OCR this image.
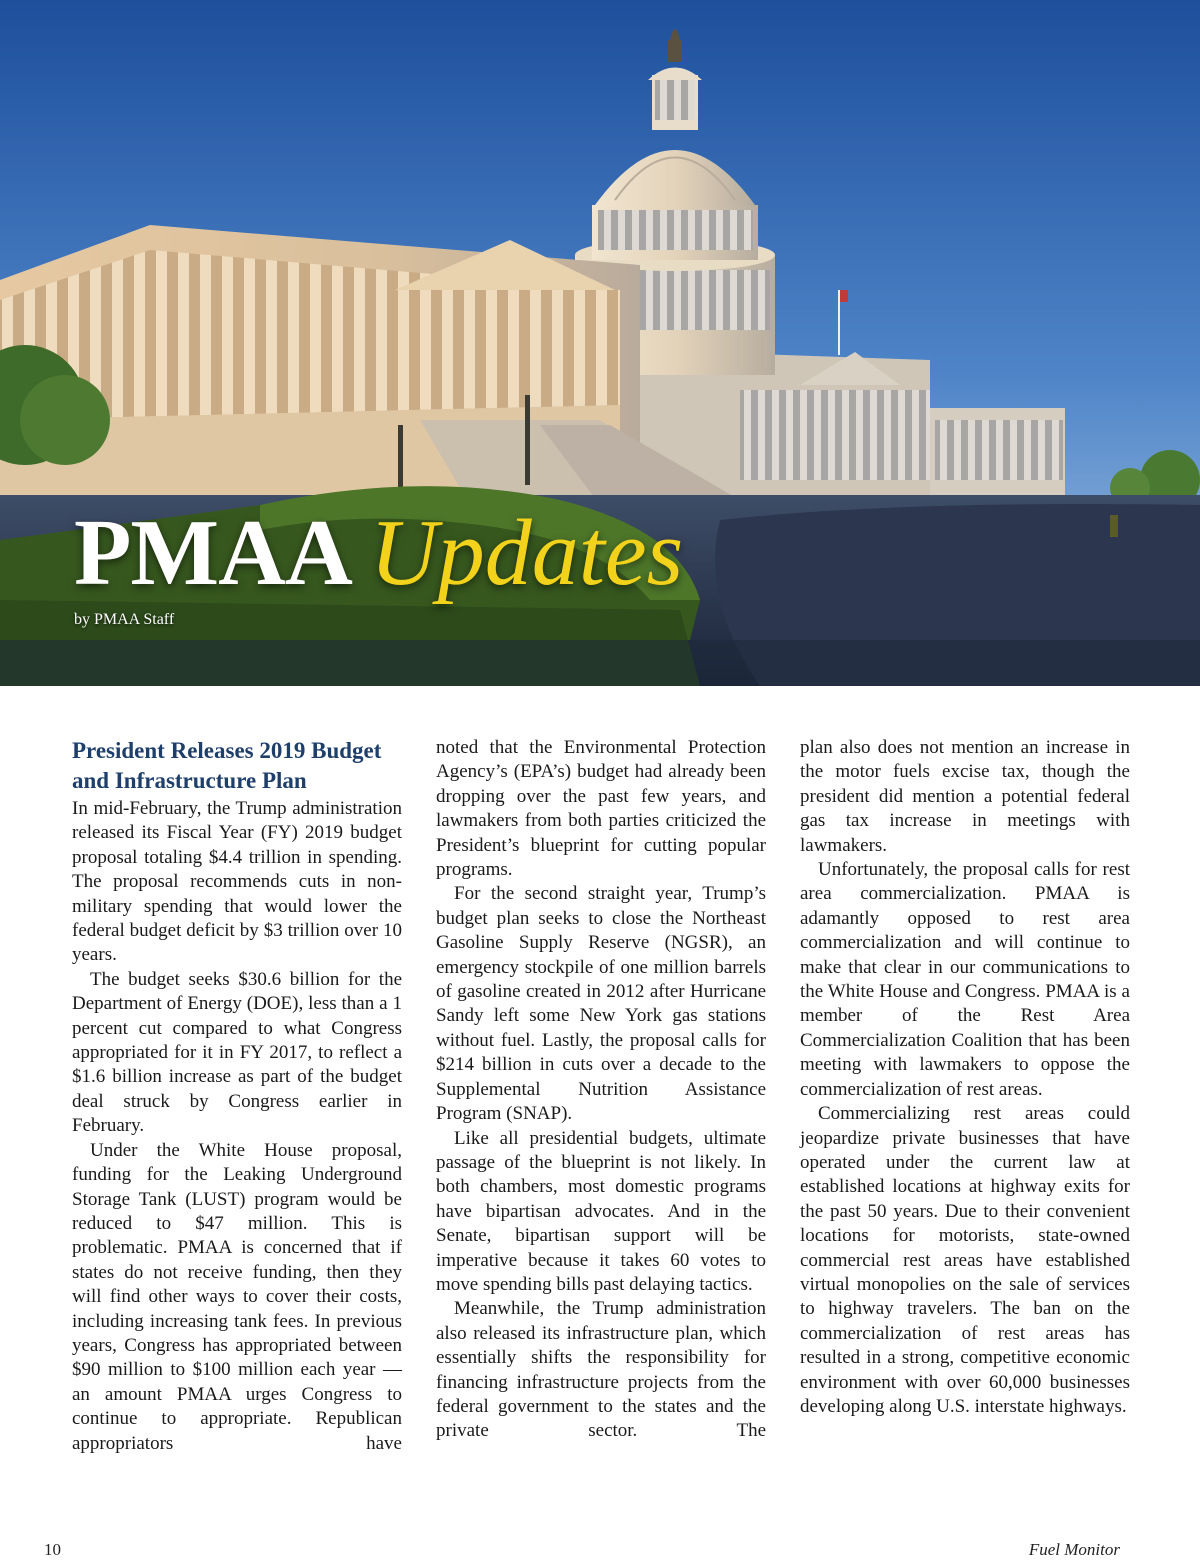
PMAA Updates
by PMAA Staff
President Releases 2019 Budget and Infrastructure Plan

In mid-February, the Trump administration released its Fiscal Year (FY) 2019 budget proposal totaling $4.4 trillion in spending. The proposal recommends cuts in non-military spending that would lower the federal budget deficit by $3 trillion over 10 years.

The budget seeks $30.6 billion for the Department of Energy (DOE), less than a 1 percent cut compared to what Congress appropriated for it in FY 2017, to reflect a $1.6 billion increase as part of the budget deal struck by Congress earlier in February.

Under the White House proposal, funding for the Leaking Underground Storage Tank (LUST) program would be reduced to $47 million. This is problematic. PMAA is concerned that if states do not receive funding, then they will find other ways to cover their costs, including increasing tank fees. In previous years, Congress has appropriated between $90 million to $100 million each year — an amount PMAA urges Congress to continue to appropriate. Republican appropriators have

noted that the Environmental Protection Agency’s (EPA’s) budget had already been dropping over the past few years, and lawmakers from both parties criticized the President’s blueprint for cutting popular programs.

For the second straight year, Trump’s budget plan seeks to close the Northeast Gasoline Supply Reserve (NGSR), an emergency stockpile of one million barrels of gasoline created in 2012 after Hurricane Sandy left some New York gas stations without fuel. Lastly, the proposal calls for $214 billion in cuts over a decade to the Supplemental Nutrition Assistance Program (SNAP).

Like all presidential budgets, ultimate passage of the blueprint is not likely. In both chambers, most domestic programs have bipartisan advocates. And in the Senate, bipartisan support will be imperative because it takes 60 votes to move spending bills past delaying tactics.

Meanwhile, the Trump administration also released its infrastructure plan, which essentially shifts the responsibility for financing infrastructure projects from the federal government to the states and the private sector. The

plan also does not mention an increase in the motor fuels excise tax, though the president did mention a potential federal gas tax increase in meetings with lawmakers.

Unfortunately, the proposal calls for rest area commercialization. PMAA is adamantly opposed to rest area commercialization and will continue to make that clear in our communications to the White House and Congress. PMAA is a member of the Rest Area Commercialization Coalition that has been meeting with lawmakers to oppose the commercialization of rest areas.

Commercializing rest areas could jeopardize private businesses that have operated under the current law at established locations at highway exits for the past 50 years. Due to their convenient locations for motorists, state-owned commercial rest areas have established virtual monopolies on the sale of services to highway travelers. The ban on the commercialization of rest areas has resulted in a strong, competitive economic environment with over 60,000 businesses developing along U.S. interstate highways.

10	Fuel Monitor
